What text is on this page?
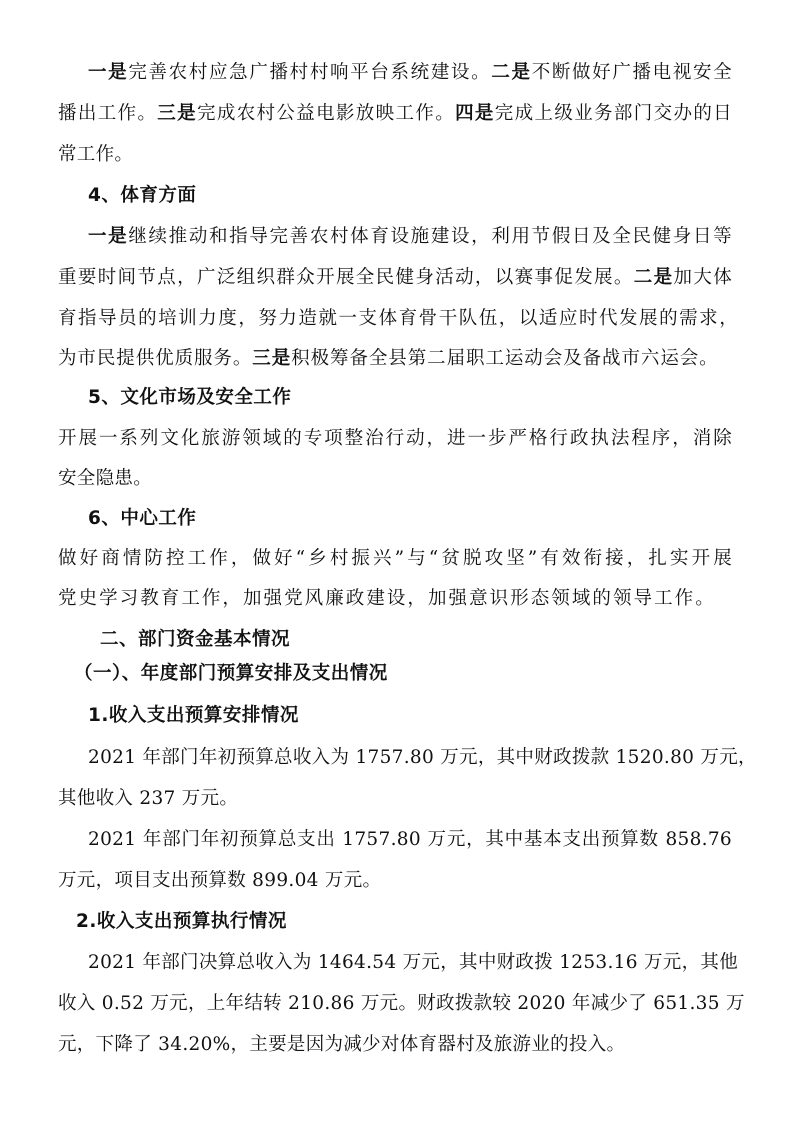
一是完善农村应急广播村村响平台系统建设。二是不断做好广播电视安全
播出工作。三是完成农村公益电影放映工作。四是完成上级业务部门交办的日
常工作。
4、体育方面
一是继续推动和指导完善农村体育设施建设，利用节假日及全民健身日等
重要时间节点，广泛组织群众开展全民健身活动，以赛事促发展。二是加大体
育指导员的培训力度，努力造就一支体育骨干队伍，以适应时代发展的需求，
为市民提供优质服务。三是积极筹备全县第二届职工运动会及备战市六运会。
5、文化市场及安全工作
开展一系列文化旅游领域的专项整治行动，进一步严格行政执法程序，消除
安全隐患。
6、中心工作
做好商情防控工作，做好“乡村振兴”与“贫脱攻坚”有效衔接，扎实开展
党史学习教育工作，加强党风廉政建设，加强意识形态领域的领导工作。
二、部门资金基本情况
（一）、年度部门预算安排及支出情况
1.收入支出预算安排情况
2021 年部门年初预算总收入为 1757.80 万元，其中财政拨款 1520.80 万元，
其他收入 237 万元。
2021 年部门年初预算总支出 1757.80 万元，其中基本支出预算数 858.76
万元，项目支出预算数 899.04 万元。
2.收入支出预算执行情况
2021 年部门决算总收入为 1464.54 万元，其中财政拨 1253.16 万元，其他
收入 0.52 万元，上年结转 210.86 万元。财政拨款较 2020 年减少了 651.35 万
元，下降了 34.20%，主要是因为减少对体育器村及旅游业的投入。
